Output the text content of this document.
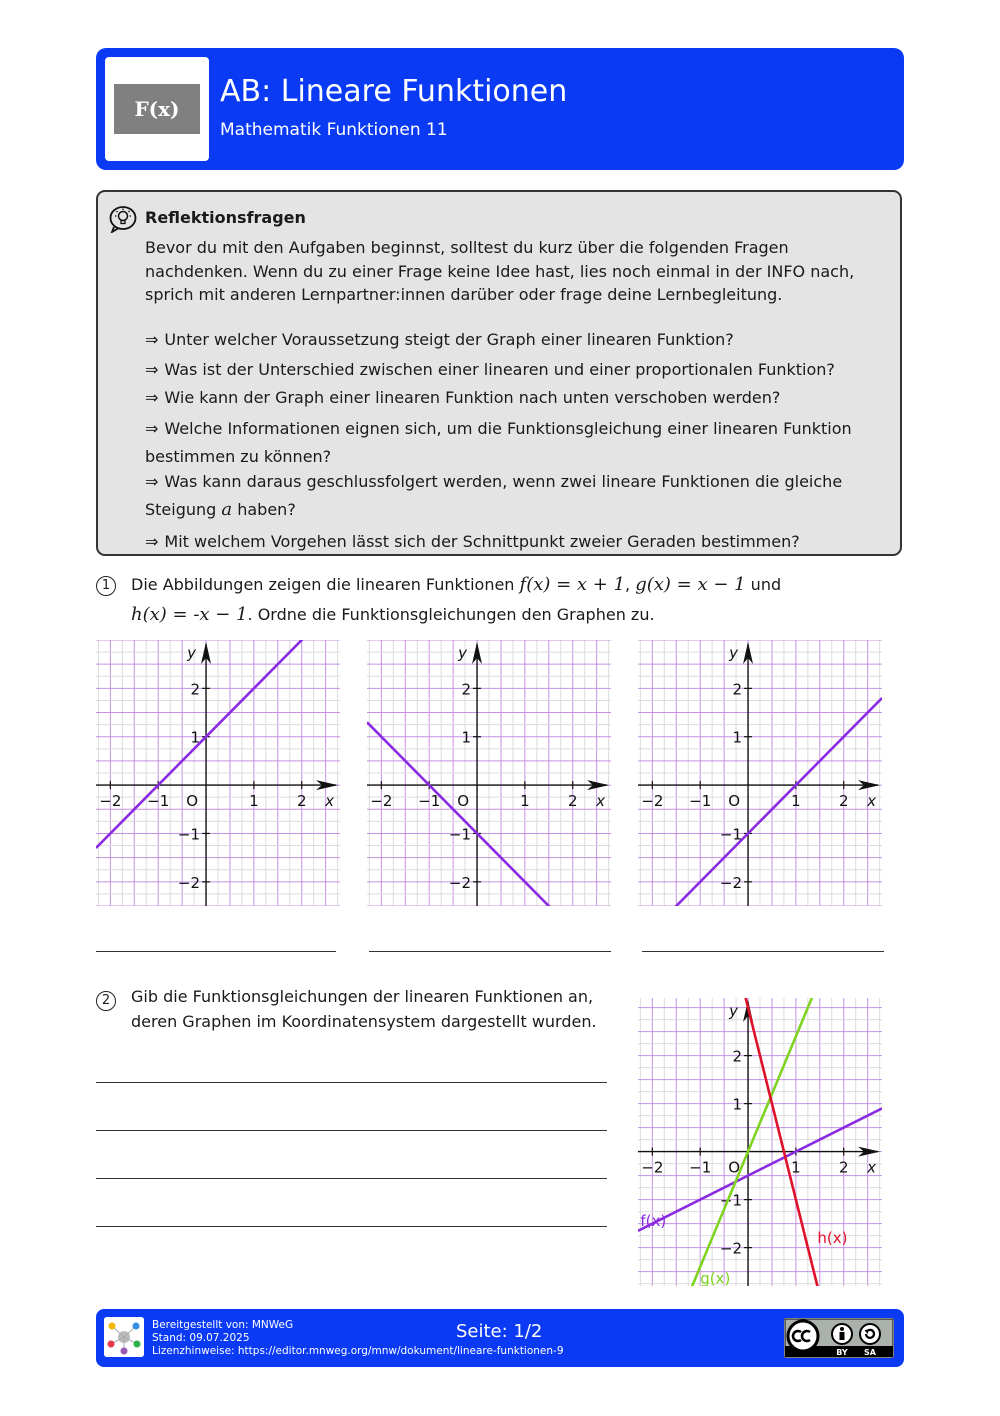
F(x)	AB: Lineare Funktionen
Mathematik Funktionen 11
Reflektionsfragen
Bevor du mit den Aufgaben beginnst, solltest du kurz über die folgenden Fragen nachdenken. Wenn du zu einer Frage keine Idee hast, lies noch einmal in der INFO nach, sprich mit anderen Lernpartner:innen darüber oder frage deine Lernbegleitung.
⇒ Unter welcher Voraussetzung steigt der Graph einer linearen Funktion?
⇒ Was ist der Unterschied zwischen einer linearen und einer proportionalen Funktion?
⇒ Wie kann der Graph einer linearen Funktion nach unten verschoben werden?
⇒ Welche Informationen eignen sich, um die Funktionsgleichung einer linearen Funktion bestimmen zu können?
⇒ Was kann daraus geschlussfolgert werden, wenn zwei lineare Funktionen die gleiche Steigung a haben?
⇒ Mit welchem Vorgehen lässt sich der Schnittpunkt zweier Geraden bestimmen?
1	Die Abbildungen zeigen die linearen Funktionen f(x) = x + 1, g(x) = x − 1 und
h(x) = -x − 1. Ordne die Funktionsgleichungen den Graphen zu.
−2 −1	1	2
2
1
−1
−2
O	x
y
−2 −1	1	2
2
1
−1
−2
O	x
y
−2 −1	1	2
2
1
−1
−2
O	x
y
2	Gib die Funktionsgleichungen der linearen Funktionen an,
deren Graphen im Koordinatensystem dargestellt wurden.
−2 −1	1	2
2
1
−1
−2
O	x
y
f(x)
g(x)
h(x)
Bereitgestellt von: MNWeG
Stand: 09.07.2025
Lizenzhinweise: https://editor.mnweg.org/mnw/dokument/lineare-funktionen-9
Seite: 1/2
BY SA
